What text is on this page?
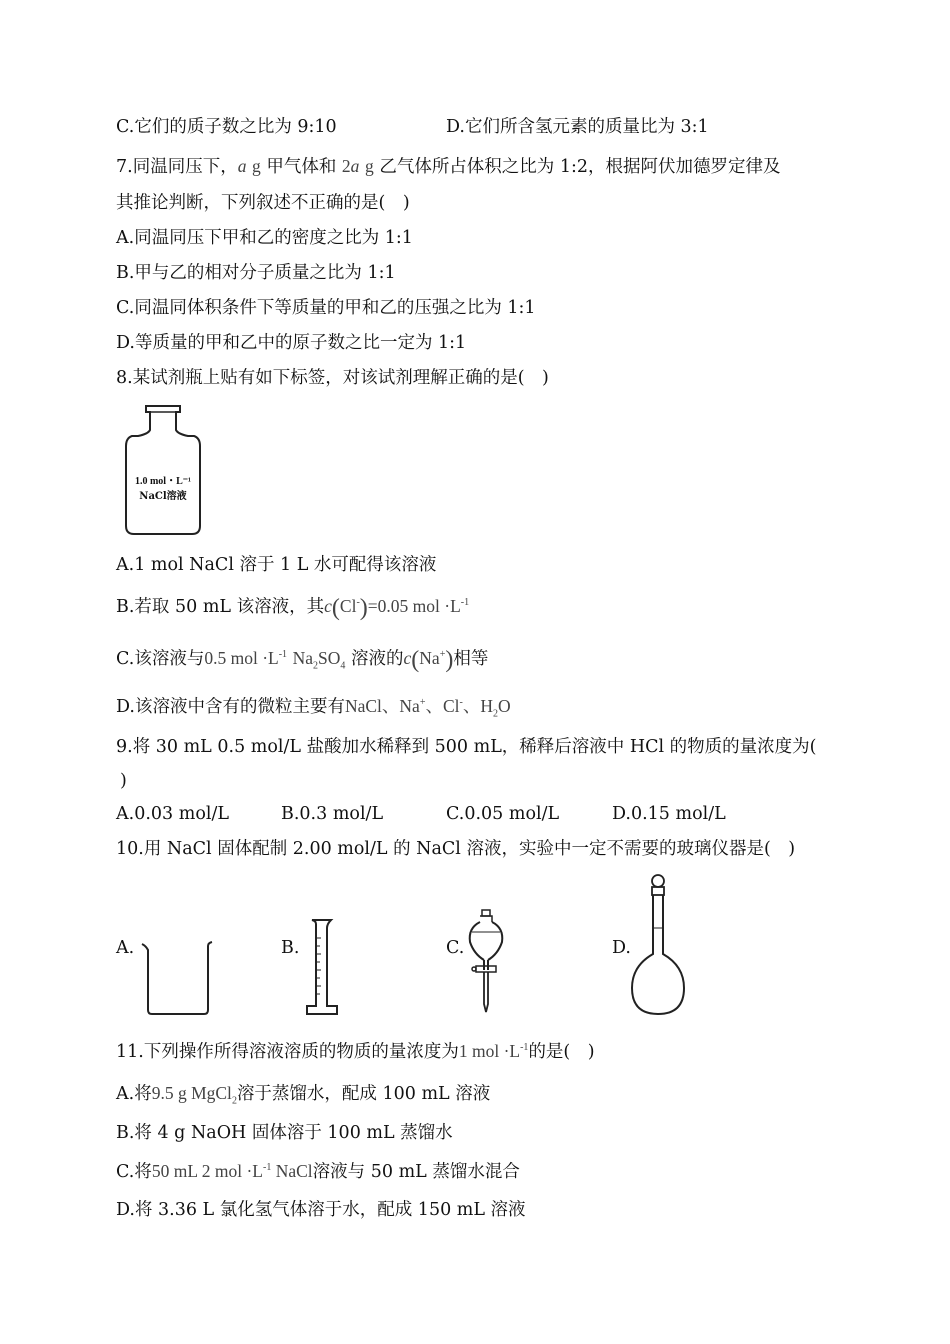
C.它们的质子数之比为 9:10	D.它们所含氢元素的质量比为 3:1
7.同温同压下，a g 甲气体和 2a g 乙气体所占体积之比为 1:2，根据阿伏加德罗定律及
其推论判断，下列叙述不正确的是(　)
A.同温同压下甲和乙的密度之比为 1:1
B.甲与乙的相对分子质量之比为 1:1
C.同温同体积条件下等质量的甲和乙的压强之比为 1:1
D.等质量的甲和乙中的原子数之比一定为 1:1
8.某试剂瓶上贴有如下标签，对该试剂理解正确的是(　)
1.0 mol・L⁻¹
NaCl溶液
A.1 mol NaCl 溶于 1 L 水可配得该溶液
B.若取 50 mL 该溶液，其c(Cl-)=0.05 mol $\cdot L^{-1}$
C.该溶液与0.5 mol $\cdot L^{-1}$ $Na_2SO_4$ 溶液的c(Na+)相等
D.该溶液中含有的微粒主要有NaCl、Na+、Cl-、$H_2O$
9.将 30 mL 0.5 mol/L 盐酸加水稀释到 500 mL，稀释后溶液中 HCl 的物质的量浓度为(
)
A.0.03 mol/L	B.0.3 mol/L	C.0.05 mol/L	D.0.15 mol/L
10.用 NaCl 固体配制 2.00 mol/L 的 NaCl 溶液，实验中一定不需要的玻璃仪器是(　)
A.	B.	C.	D.
11.下列操作所得溶液溶质的物质的量浓度为1 mol $\cdot L^{-1}$的是(　)
A.将9.5 g MgCl$_2$溶于蒸馏水，配成 100 mL 溶液
B.将 4 g NaOH 固体溶于 100 mL 蒸馏水
C.将50 mL 2 mol $\cdot L^{-1}$ NaCl溶液与 50 mL 蒸馏水混合
D.将 3.36 L 氯化氢气体溶于水，配成 150 mL 溶液
